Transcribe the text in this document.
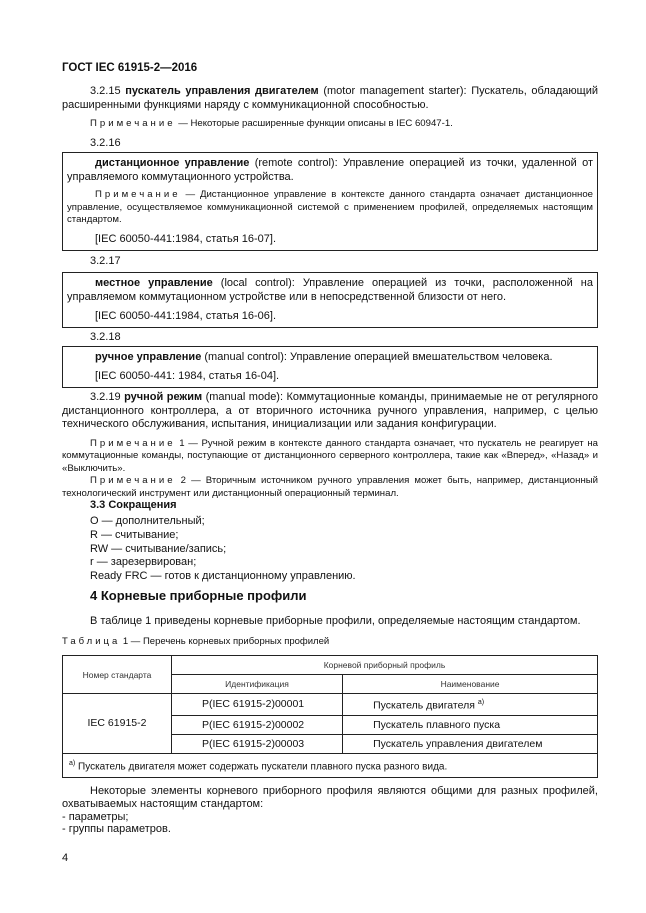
ГОСТ IEC 61915-2—2016

3.2.15 пускатель управления двигателем (motor management starter): Пускатель, обладающий расширенными функциями наряду с коммуникационной способностью.

Примечание — Некоторые расширенные функции описаны в IEC 60947-1.

3.2.16

дистанционное управление (remote control): Управление операцией из точки, удаленной от управляемого коммутационного устройства.

Примечание — Дистанционное управление в контексте данного стандарта означает дистанционное управление, осуществляемое коммуникационной системой с применением профилей, определяемых настоящим стандартом.

[IEC 60050-441:1984, статья 16-07].

3.2.17

местное управление (local control): Управление операцией из точки, расположенной на управляемом коммутационном устройстве или в непосредственной близости от него.

[IEC 60050-441:1984, статья 16-06].

3.2.18

ручное управление (manual control): Управление операцией вмешательством человека.

[IEC 60050-441: 1984, статья 16-04].

3.2.19 ручной режим (manual mode): Коммутационные команды, принимаемые не от регулярного дистанционного контроллера, а от вторичного источника ручного управления, например, с целью технического обслуживания, испытания, инициализации или задания конфигурации.

Примечание 1 — Ручной режим в контексте данного стандарта означает, что пускатель не реагирует на коммутационные команды, поступающие от дистанционного серверного контроллера, такие как «Вперед», «Назад» и «Выключить».

Примечание 2 — Вторичным источником ручного управления может быть, например, дистанционный технологический инструмент или дистанционный операционный терминал.

3.3 Сокращения
O — дополнительный;
R — считывание;
RW — считывание/запись;
r — зарезервирован;
Ready FRC — готов к дистанционному управлению.
4 Корневые приборные профили

В таблице 1 приведены корневые приборные профили, определяемые настоящим стандартом.

Таблица 1 — Перечень корневых приборных профилей
Номер стандарта	Корневой приборный профиль	
	Идентификация	Наименование
IEC 61915-2	P(IEC 61915-2)00001	Пускатель двигателя $^{a)}$
	P(IEC 61915-2)00002	Пускатель плавного пуска
	P(IEC 61915-2)00003	Пускатель управления двигателем
$^{a)}$ Пускатель двигателя может содержать пускатели плавного пуска разного вида.		

Некоторые элементы корневого приборного профиля являются общими для разных профилей, охватываемых настоящим стандартом:

- параметры;
- группы параметров.
4
